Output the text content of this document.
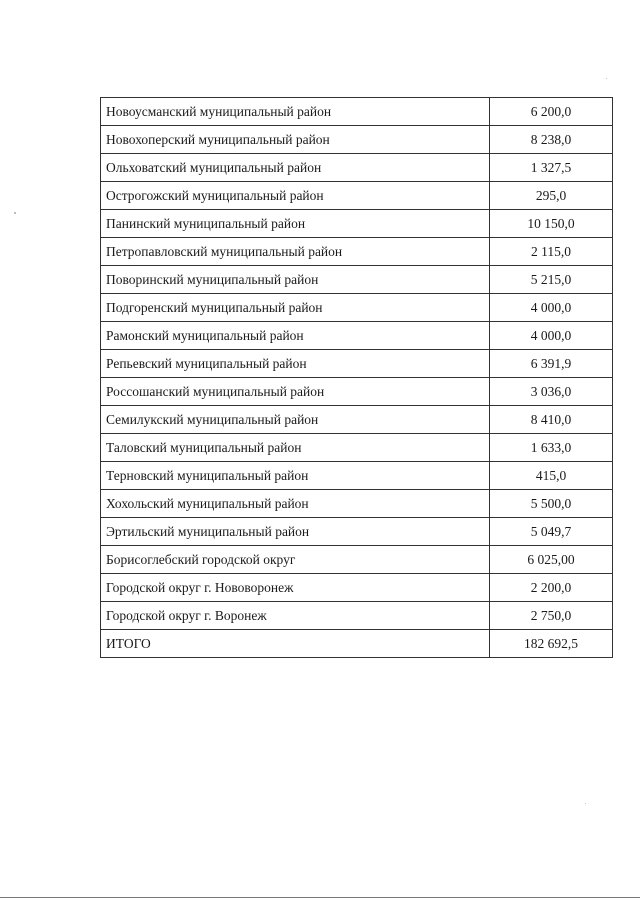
Новоусманский муниципальный район	6 200,0
Новохоперский муниципальный район	8 238,0
Ольховатский муниципальный район	1 327,5
Острогожский муниципальный район	295,0
Панинский муниципальный район	10 150,0
Петропавловский муниципальный район	2 115,0
Поворинский муниципальный район	5 215,0
Подгоренский муниципальный район	4 000,0
Рамонский муниципальный район	4 000,0
Репьевский муниципальный район	6 391,9
Россошанский муниципальный район	3 036,0
Семилукский муниципальный район	8 410,0
Таловский муниципальный район	1 633,0
Терновский муниципальный район	415,0
Хохольский муниципальный район	5 500,0
Эртильский муниципальный район	5 049,7
Борисоглебский городской округ	6 025,00
Городской округ г. Нововоронеж	2 200,0
Городской округ г. Воронеж	2 750,0
ИТОГО	182 692,5
